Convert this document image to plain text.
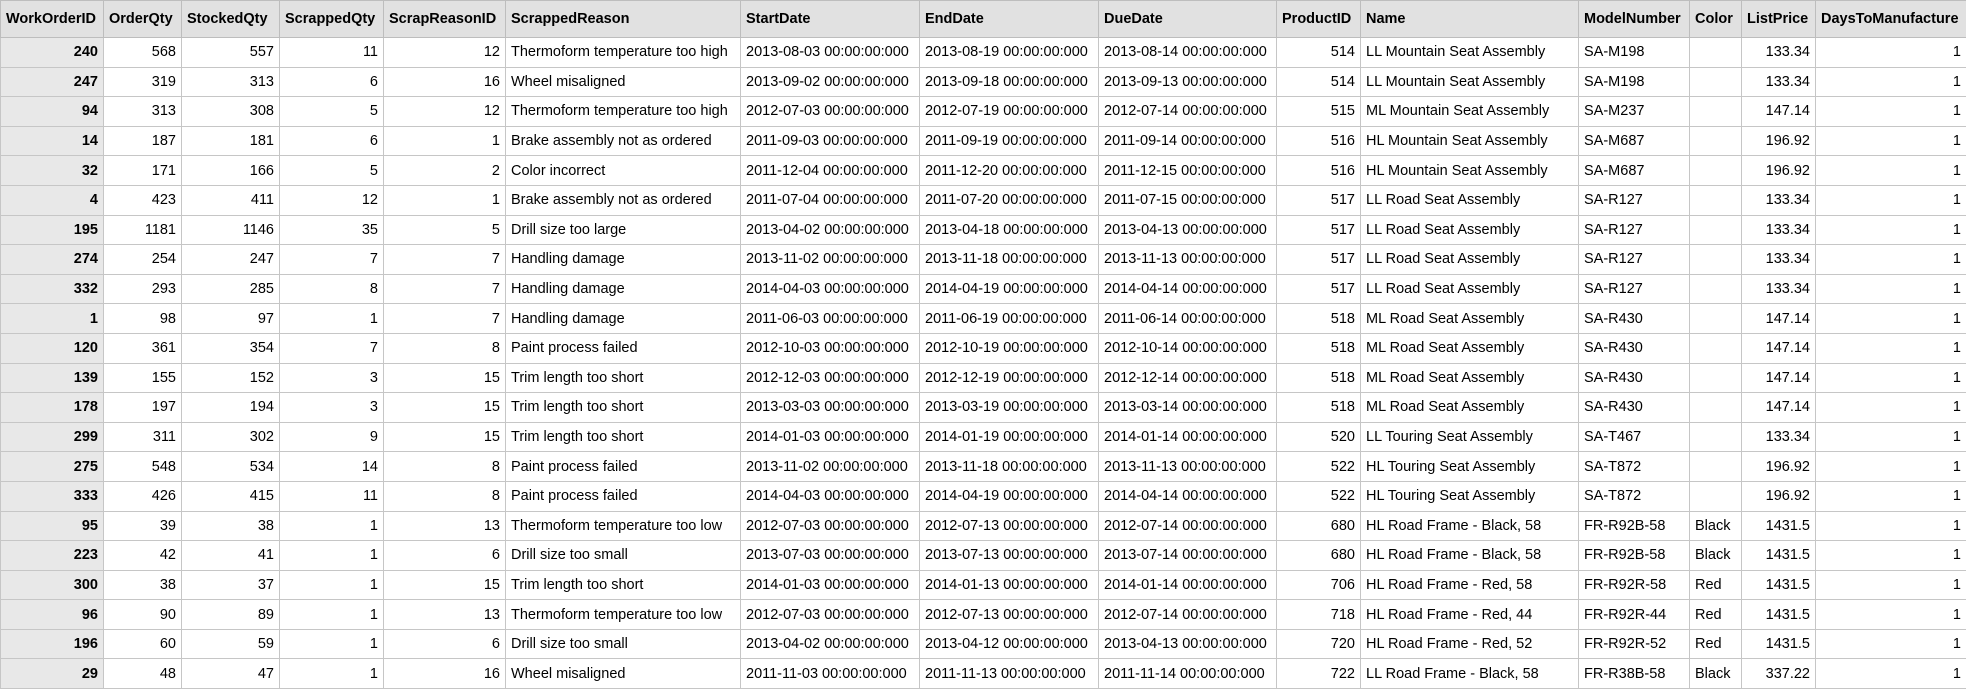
WorkOrderID	OrderQty	StockedQty	ScrappedQty	ScrapReasonID	ScrappedReason	StartDate	EndDate	DueDate	ProductID	Name	ModelNumber	Color	ListPrice	DaysToManufacture
240	568	557	11	12	Thermoform temperature too high	2013-08-03 00:00:00:000	2013-08-19 00:00:00:000	2013-08-14 00:00:00:000	514	LL Mountain Seat Assembly	SA-M198		133.34	1
247	319	313	6	16	Wheel misaligned	2013-09-02 00:00:00:000	2013-09-18 00:00:00:000	2013-09-13 00:00:00:000	514	LL Mountain Seat Assembly	SA-M198		133.34	1
94	313	308	5	12	Thermoform temperature too high	2012-07-03 00:00:00:000	2012-07-19 00:00:00:000	2012-07-14 00:00:00:000	515	ML Mountain Seat Assembly	SA-M237		147.14	1
14	187	181	6	1	Brake assembly not as ordered	2011-09-03 00:00:00:000	2011-09-19 00:00:00:000	2011-09-14 00:00:00:000	516	HL Mountain Seat Assembly	SA-M687		196.92	1
32	171	166	5	2	Color incorrect	2011-12-04 00:00:00:000	2011-12-20 00:00:00:000	2011-12-15 00:00:00:000	516	HL Mountain Seat Assembly	SA-M687		196.92	1
4	423	411	12	1	Brake assembly not as ordered	2011-07-04 00:00:00:000	2011-07-20 00:00:00:000	2011-07-15 00:00:00:000	517	LL Road Seat Assembly	SA-R127		133.34	1
195	1181	1146	35	5	Drill size too large	2013-04-02 00:00:00:000	2013-04-18 00:00:00:000	2013-04-13 00:00:00:000	517	LL Road Seat Assembly	SA-R127		133.34	1
274	254	247	7	7	Handling damage	2013-11-02 00:00:00:000	2013-11-18 00:00:00:000	2013-11-13 00:00:00:000	517	LL Road Seat Assembly	SA-R127		133.34	1
332	293	285	8	7	Handling damage	2014-04-03 00:00:00:000	2014-04-19 00:00:00:000	2014-04-14 00:00:00:000	517	LL Road Seat Assembly	SA-R127		133.34	1
1	98	97	1	7	Handling damage	2011-06-03 00:00:00:000	2011-06-19 00:00:00:000	2011-06-14 00:00:00:000	518	ML Road Seat Assembly	SA-R430		147.14	1
120	361	354	7	8	Paint process failed	2012-10-03 00:00:00:000	2012-10-19 00:00:00:000	2012-10-14 00:00:00:000	518	ML Road Seat Assembly	SA-R430		147.14	1
139	155	152	3	15	Trim length too short	2012-12-03 00:00:00:000	2012-12-19 00:00:00:000	2012-12-14 00:00:00:000	518	ML Road Seat Assembly	SA-R430		147.14	1
178	197	194	3	15	Trim length too short	2013-03-03 00:00:00:000	2013-03-19 00:00:00:000	2013-03-14 00:00:00:000	518	ML Road Seat Assembly	SA-R430		147.14	1
299	311	302	9	15	Trim length too short	2014-01-03 00:00:00:000	2014-01-19 00:00:00:000	2014-01-14 00:00:00:000	520	LL Touring Seat Assembly	SA-T467		133.34	1
275	548	534	14	8	Paint process failed	2013-11-02 00:00:00:000	2013-11-18 00:00:00:000	2013-11-13 00:00:00:000	522	HL Touring Seat Assembly	SA-T872		196.92	1
333	426	415	11	8	Paint process failed	2014-04-03 00:00:00:000	2014-04-19 00:00:00:000	2014-04-14 00:00:00:000	522	HL Touring Seat Assembly	SA-T872		196.92	1
95	39	38	1	13	Thermoform temperature too low	2012-07-03 00:00:00:000	2012-07-13 00:00:00:000	2012-07-14 00:00:00:000	680	HL Road Frame - Black, 58	FR-R92B-58	Black	1431.5	1
223	42	41	1	6	Drill size too small	2013-07-03 00:00:00:000	2013-07-13 00:00:00:000	2013-07-14 00:00:00:000	680	HL Road Frame - Black, 58	FR-R92B-58	Black	1431.5	1
300	38	37	1	15	Trim length too short	2014-01-03 00:00:00:000	2014-01-13 00:00:00:000	2014-01-14 00:00:00:000	706	HL Road Frame - Red, 58	FR-R92R-58	Red	1431.5	1
96	90	89	1	13	Thermoform temperature too low	2012-07-03 00:00:00:000	2012-07-13 00:00:00:000	2012-07-14 00:00:00:000	718	HL Road Frame - Red, 44	FR-R92R-44	Red	1431.5	1
196	60	59	1	6	Drill size too small	2013-04-02 00:00:00:000	2013-04-12 00:00:00:000	2013-04-13 00:00:00:000	720	HL Road Frame - Red, 52	FR-R92R-52	Red	1431.5	1
29	48	47	1	16	Wheel misaligned	2011-11-03 00:00:00:000	2011-11-13 00:00:00:000	2011-11-14 00:00:00:000	722	LL Road Frame - Black, 58	FR-R38B-58	Black	337.22	1
